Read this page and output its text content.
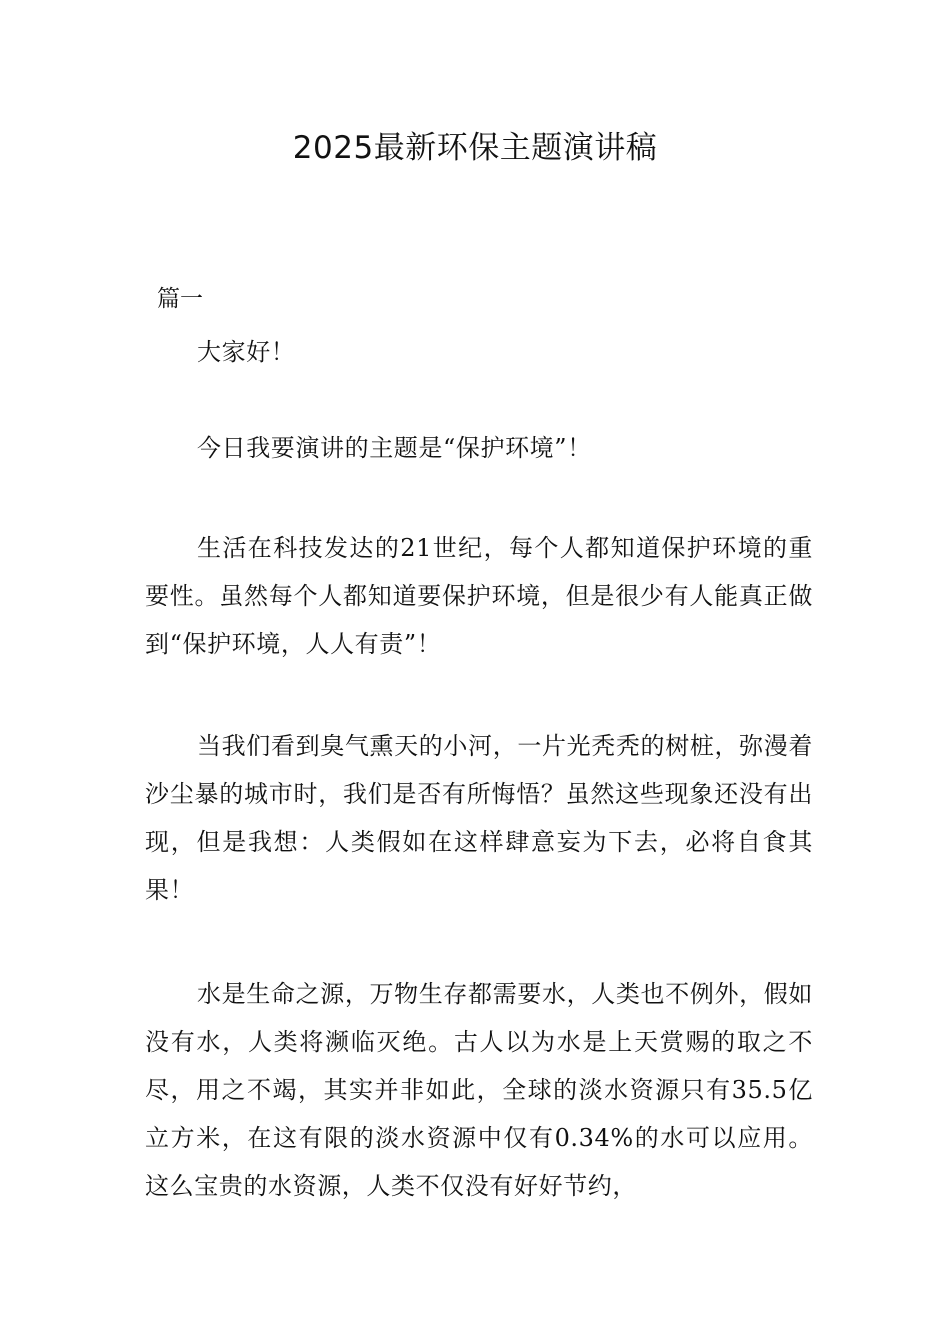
2025最新环保主题演讲稿
篇一

大家好！

今日我要演讲的主题是“保护环境”！

生活在科技发达的21世纪，每个人都知道保护环境的重要性。虽然每个人都知道要保护环境，但是很少有人能真正做到“保护环境，人人有责”！

当我们看到臭气熏天的小河，一片光秃秃的树桩，弥漫着沙尘暴的城市时，我们是否有所悔悟？虽然这些现象还没有出现，但是我想：人类假如在这样肆意妄为下去，必将自食其果！

水是生命之源，万物生存都需要水，人类也不例外，假如没有水，人类将濒临灭绝。古人以为水是上天赏赐的取之不尽，用之不竭，其实并非如此，全球的淡水资源只有35.5亿立方米，在这有限的淡水资源中仅有0.34%的水可以应用。这么宝贵的水资源，人类不仅没有好好节约，
